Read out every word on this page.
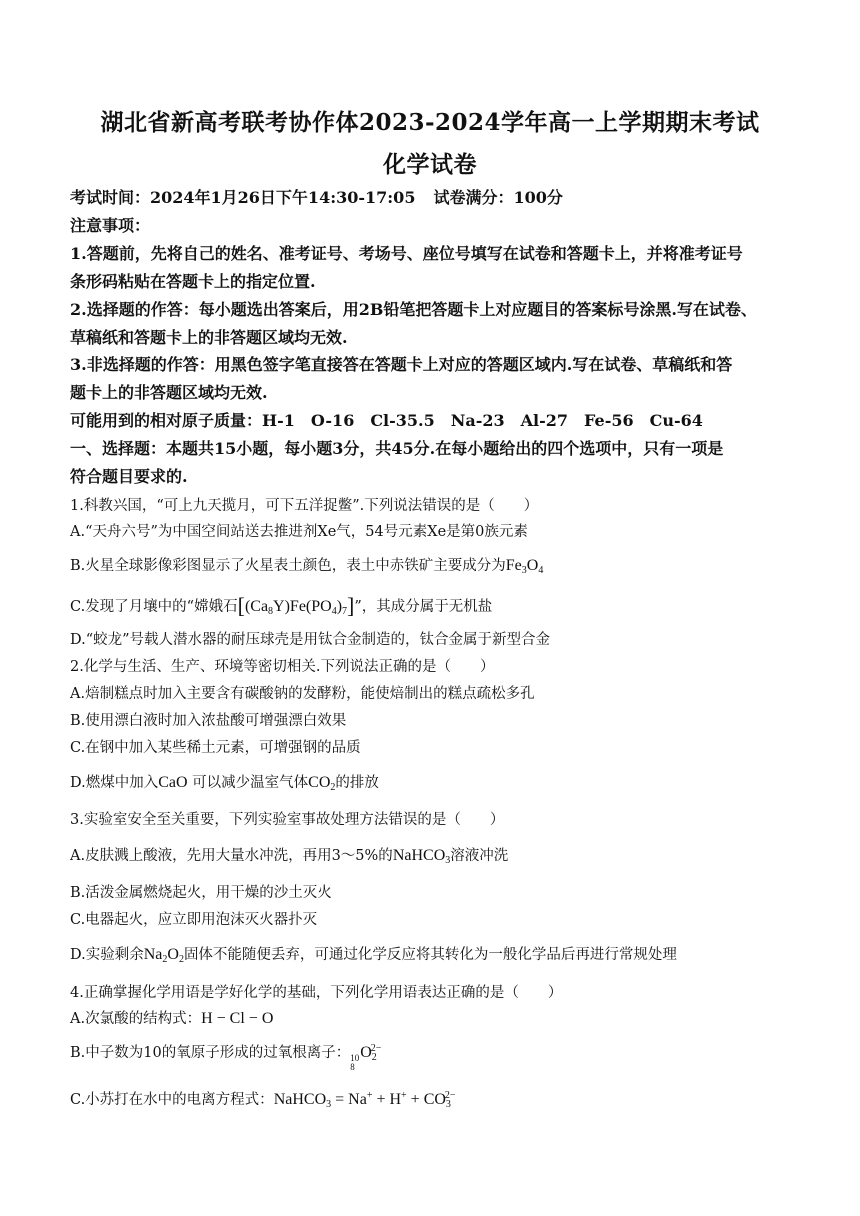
湖北省新高考联考协作体2023-2024学年高一上学期期末考试
化学试卷
考试时间：2024年1月26日下午14:30-17:05 试卷满分：100分
注意事项：
1.答题前，先将自己的姓名、准考证号、考场号、座位号填写在试卷和答题卡上，并将准考证号
条形码粘贴在答题卡上的指定位置.
2.选择题的作答：每小题选出答案后，用2B铅笔把答题卡上对应题目的答案标号涂黑.写在试卷、
草稿纸和答题卡上的非答题区域均无效.
3.非选择题的作答：用黑色签字笔直接答在答题卡上对应的答题区域内.写在试卷、草稿纸和答
题卡上的非答题区域均无效.
可能用到的相对原子质量：H-1　O-16　Cl-35.5　Na-23　Al-27　Fe-56　Cu-64
一、选择题：本题共15小题，每小题3分，共45分.在每小题给出的四个选项中，只有一项是
符合题目要求的.
1.科教兴国，“可上九天揽月，可下五洋捉鳖”.下列说法错误的是（　　）
A.“天舟六号”为中国空间站送去推进剂Xe气，54号元素Xe是第0族元素
B.火星全球影像彩图显示了火星表土颜色，表土中赤铁矿主要成分为$Fe_3O_4$
C.发现了月壤中的“嫦娥石$[(Ca_8Y)Fe(PO_4)_7]$”，其成分属于无机盐
D.“蛟龙”号载人潜水器的耐压球壳是用钛合金制造的，钛合金属于新型合金
2.化学与生活、生产、环境等密切相关.下列说法正确的是（　　）
A.焙制糕点时加入主要含有碳酸钠的发酵粉，能使焙制出的糕点疏松多孔
B.使用漂白液时加入浓盐酸可增强漂白效果
C.在钢中加入某些稀土元素，可增强钢的品质
D.燃煤中加入CaO 可以减少温室气体$CO_2$的排放
3.实验室安全至关重要，下列实验室事故处理方法错误的是（　　）
A.皮肤溅上酸液，先用大量水冲洗，再用3～5%的NaHCO$_3$溶液冲洗
B.活泼金属燃烧起火，用干燥的沙土灭火
C.电器起火，应立即用泡沫灭火器扑灭
D.实验剩余$Na_2O_2$固体不能随便丢弃，可通过化学反应将其转化为一般化学品后再进行常规处理
4.正确掌握化学用语是学好化学的基础，下列化学用语表达正确的是（　　）
A.次氯酸的结构式：H − Cl − O
B.中子数为10的氧原子形成的过氧根离子： 10
8
$O_2^{2-}$
C.小苏打在水中的电离方程式：NaHCO$_3$ = $Na^+ + H^+ + CO_3^{2-}$
